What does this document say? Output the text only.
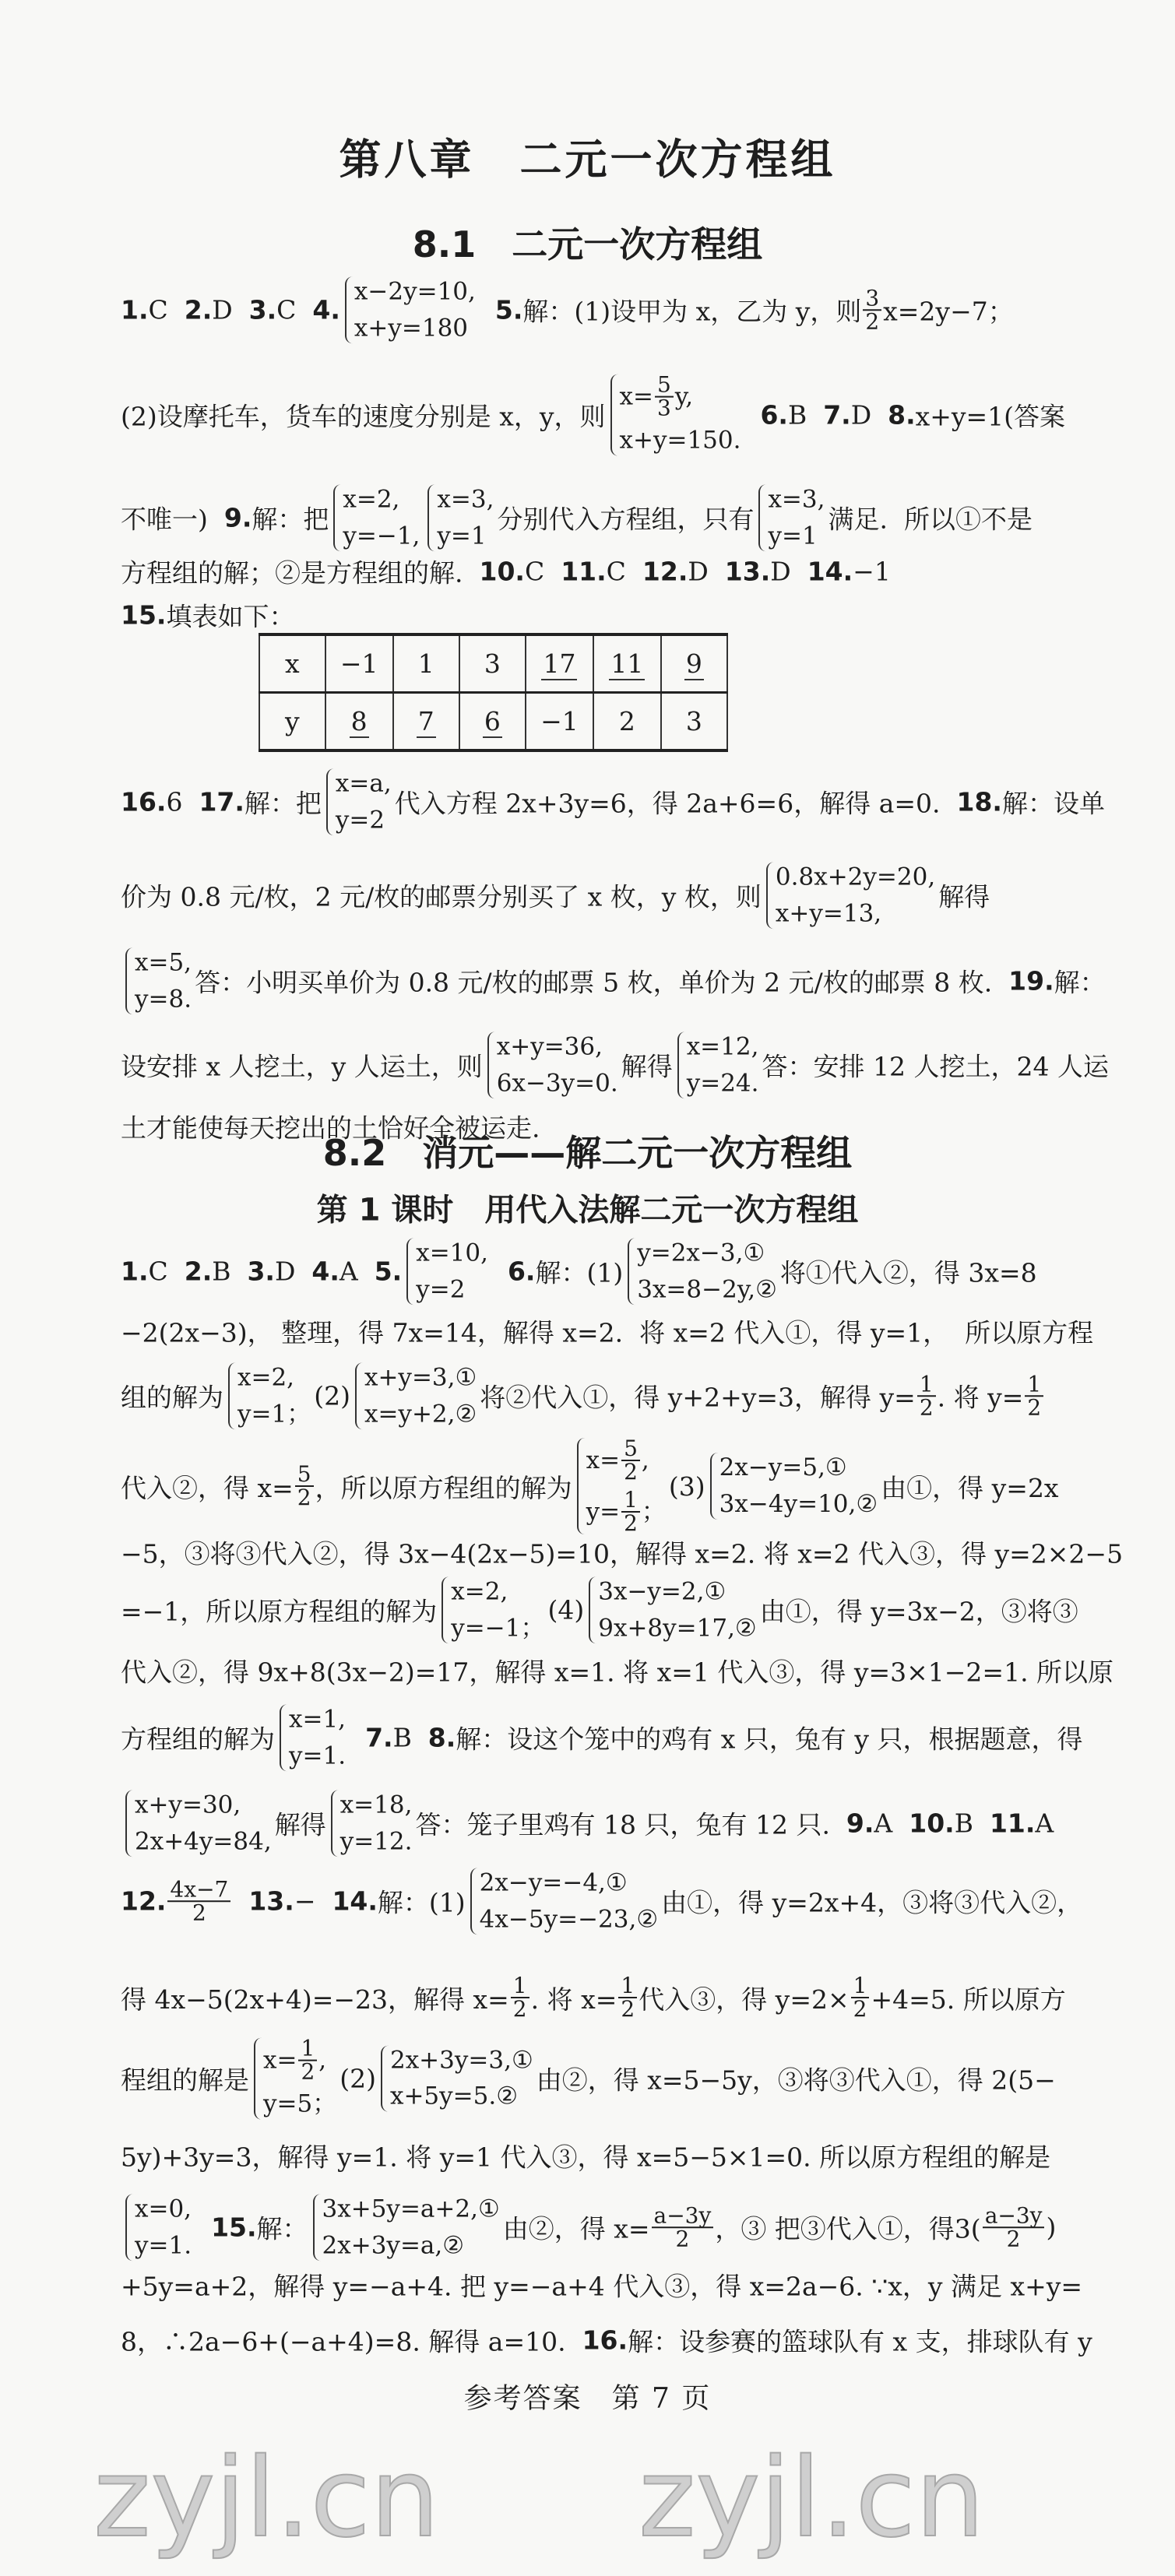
第八章　二元一次方程组
8.1　二元一次方程组
1. C 2. D 3. C 4.
x−2y=10,
x+y=180

5. 解：(1)设甲为 x，乙为 y，则 $\frac{3}{2} x=2y-7$；
(2)设摩托车，货车的速度分别是 x，y，则
$x= \frac{5}{3} y$,
x+y=150.

6. B 7. D 8. x+y=1(答案
不唯一) 9. 解：把
x=2,
y=−1,
x=3,
y=1
分别代入方程组，只有
x=3,
y=1
满足.  所以①不是
方程组的解；②是方程组的解. 10. C 11. C 12. D 13. D 14. −1
15. 填表如下：
16. 6 17. 解：把
x=a,
y=2
代入方程 2x+3y=6，得 2a+6=6，解得 a=0. 18. 解：设单
价为 0.8 元/枚，2 元/枚的邮票分别买了 x 枚，y 枚，则
0.8x+2y=20,
x+y=13,
解得
x=5,
y=8.
答：小明买单价为 0.8 元/枚的邮票 5 枚，单价为 2 元/枚的邮票 8 枚. 19. 解：
设安排 x 人挖土，y 人运土，则
x+y=36,
6x−3y=0.
解得
x=12,
y=24.
答：安排 12 人挖土，24 人运
土才能使每天挖出的土恰好全被运走.
x	−1	1	3	17	11	9
y	8	7	6	−1	2	3
8.2　消元——解二元一次方程组
第 1 课时　用代入法解二元一次方程组
1. C 2. B 3. D 4. A 5.
x=10,
y=2

6. 解：(1)
y=2x−3,①
3x=8−2y,②
将①代入②，得 3x=8
−2(2x−3)， 整理，得 7x=14，解得 x=2.  将 x=2 代入①，得 y=1，  所以原方程
组的解为
x=2,
y=1；
(2)
x+y=3,①
x=y+2,②
将②代入①，得 y+2+y=3，解得 $y= \frac{1}{2}$ . 将 $y= \frac{1}{2}$
代入②，得 $x= \frac{5}{2}$ ，所以原方程组的解为
$x= \frac{5}{2}$ ,
$y= \frac{1}{2}$ ；
(3)
2x−y=5,①
3x−4y=10,②
由①，得 y=2x
−5，③将③代入②，得 3x−4(2x−5)=10，解得 x=2. 将 x=2 代入③，得 y=2×2−5
=−1，所以原方程组的解为
x=2,
y=−1；
(4)
3x−y=2,①
9x+8y=17,②
由①，得 y=3x−2，③将③
代入②，得 9x+8(3x−2)=17，解得 x=1. 将 x=1 代入③，得 y=3×1−2=1. 所以原
方程组的解为
x=1,
y=1.

7. B 8. 解：设这个笼中的鸡有 x 只，兔有 y 只，根据题意，得
x+y=30,
2x+4y=84,
解得
x=18,
y=12.
答：笼子里鸡有 18 只，兔有 12 只. 9. A 10. B 11. A
12. $\frac{4x-7}{2}$
13. − 14. 解：(1)
2x−y=−4,①
4x−5y=−23,②
由①，得 y=2x+4，③将③代入②，
得 4x−5(2x+4)=−23，解得 $x= \frac{1}{2}$ . 将 $x= \frac{1}{2}$ 代入③，得 $y=2\times \frac{1}{2} +4=5$. 所以原方
程组的解是
$x= \frac{1}{2}$ ,
y=5；
(2)
2x+3y=3,①
x+5y=5.②
由②，得 x=5−5y，③将③代入①，得 2(5−
5y)+3y=3，解得 y=1. 将 y=1 代入③，得 x=5−5×1=0. 所以原方程组的解是
x=0,
y=1.

15. 解：
3x+5y=a+2,①
2x+3y=a,②
由②，得 $x= \frac{a-3y}{2}$ ，③ 把③代入①，得$3( \frac{a-3y}{2}$ )
+5y=a+2，解得 y=−a+4. 把 y=−a+4 代入③，得 x=2a−6. ∵x，y 满足 x+y=
8，∴2a−6+(−a+4)=8. 解得 a=10. 16. 解：设参赛的篮球队有 x 支，排球队有 y
参考答案　第 7 页
zyjl.cn zyjl.cn
